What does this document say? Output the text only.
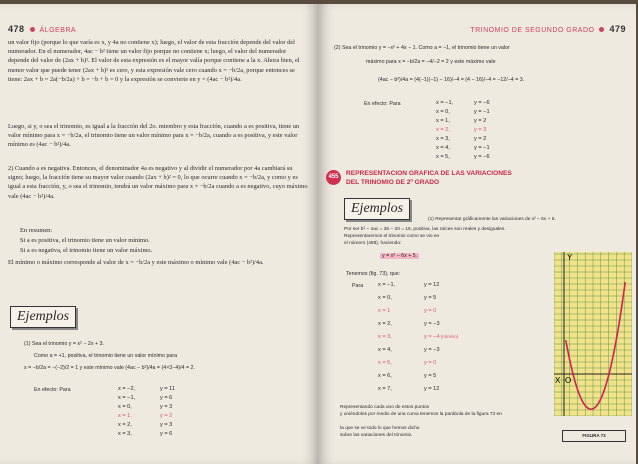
478 ÁLGEBRA
un valor fijo (porque lo que varía es x, y 4a no contiene x); luego, el valor de esta fracción depende del valor del numerador. En el numerador, 4ac − b² tiene un valor fijo porque no contiene x; luego, el valor del numerador depende del valor de (2ax + b)². El valor de esta expresión es el mayor valía porque contiene a la x. Ahora bien, el menor valor que puede tener (2ax + b)² es cero, y esta expresión vale cero cuando x = −b/2a, porque entonces se tiene: 2ax + b = 2a(−b/2a) + b = −b + b = 0 y la expresión se convierte en y = (4ac − b²)/4a.
Luego, si y, o sea el trinomio, es igual a la fracción del 2o. miembro y esta fracción, cuando a es positiva, tiene un valor mínimo para x = −b/2a, el trinomio tiene un valor mínimo para x = −b/2a, cuando a es positiva, y este valor mínimo es (4ac − b²)/4a.
2) Cuando a es negativa. Entonces, el denominador 4a es negativo y al dividir el numerador por 4a cambiará su signo; luego, la fracción tiene su mayor valor cuando (2ax + b)² = 0, lo que ocurre cuando x = −b/2a, y como y es igual a esta fracción, y, o sea el trinomio, tendrá un valor máximo para x = −b/2a cuando a es negativo, cuyo máximo vale (4ac − b²)/4a.
En resumen:
Si a es positiva, el trinomio tiene un valor mínimo.
Si a es negativa, el trinomio tiene un valor máximo.
El mínimo o máximo corresponde al valor de x = −b/2a y este máximo o mínimo vale (4ac − b²)/4a.
Ejemplos
(1) Sea el trinomio y = x² − 2x + 3.
Como a = +1, positiva, el trinomio tiene un valor mínimo para
x = −b/2a = −(−2)/2 = 1 y este mínimo vale (4ac − b²)/4a = (4×3−4)/4 = 2.
En efecto: Para	x = −2,	y = 11
x = −1,	y = 6
x = 0,	y = 3
x = 1,	y = 2
x = 2,	y = 3
x = 3,	y = 6
TRINOMIO DE SEGUNDO GRADO 479
(2) Sea el trinomio y = −x² + 4x − 1. Como a = −1, el trinomio tiene un valor
máximo para x = −b/2a = −4/−2 = 2 y este máximo vale
(4ac − b²)/4a = (4(−1)(−1) − 16)/−4 = (4 − 16)/−4 = −12/−4 = 3.
En efecto: Para	x = −1,	y = −6
x = 0,	y = −1
x = 1,	y = 2
x = 2,	y = 3
x = 3,	y = 2
x = 4,	y = −1
x = 5,	y = −6
455	REPRESENTACION GRAFICA DE LAS VARIACIONES
DEL TRINOMIO DE 2º GRADO
Ejemplos
(1) Representar gráficamente las variaciones de x² − 6x + 5.
Por ser b² − 4ac = 36 − 20 = 16, positiva, las raíces son reales y desiguales.
Representaremos el trinomio como se vio en
el número (488), haciendo:
y = x² − 6x + 5.
Tenemos (fig. 73), que:
Para	x = −1,	y = 12
x = 0,	y = 5
x = 1	y = 0
x = 2,	y = −3
x = 3,	y = −4 (mínimo)
x = 4,	y = −3
x = 5,	y = 0
x = 6,	y = 5
x = 7,	y = 12
Representando cada uno de estos puntos
y uniéndolos por medio de una curva tenemos la parábola de la figura 73 en
la que se ve todo lo que hemos dicho
sobre las variaciones del trinomio.
Y
X O
FIGURA 73
